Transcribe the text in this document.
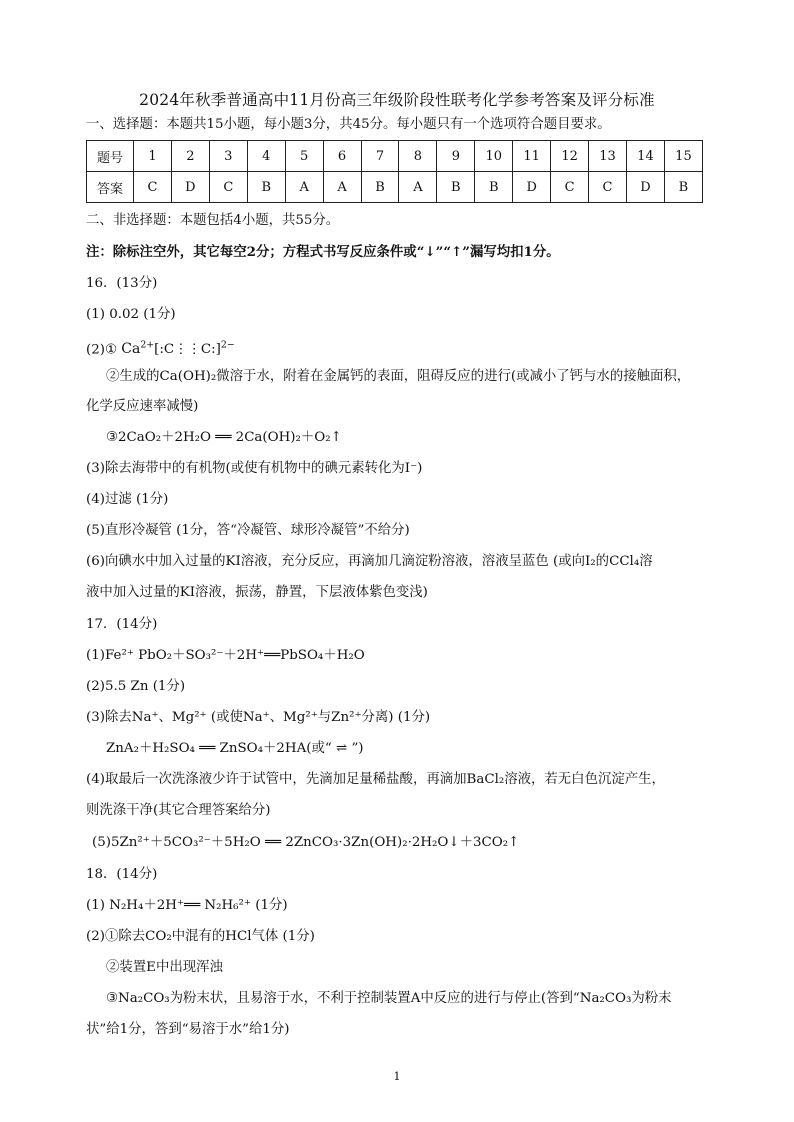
2024年秋季普通高中11月份高三年级阶段性联考化学参考答案及评分标准
一、选择题：本题共15小题，每小题3分，共45分。每小题只有一个选项符合题目要求。
题号	1	2	3	4	5	6	7	8	9	10	11	12	13	14	15
答案	C	D	C	B	A	A	B	A	B	B	D	C	C	D	B
二、非选择题：本题包括4小题，共55分。
注：除标注空外，其它每空2分；方程式书写反应条件或“↓”“↑”漏写均扣1分。
16．(13分)
(1) 0.02 (1分)
(2)① $Ca^{2+}[:C⋮⋮C:]^{2-}$
②生成的Ca(OH)₂微溶于水，附着在金属钙的表面，阻碍反应的进行(或减小了钙与水的接触面积，
化学反应速率减慢)
③2CaO₂＋2H₂O ══ 2Ca(OH)₂＋O₂↑
(3)除去海带中的有机物(或使有机物中的碘元素转化为I⁻)
(4)过滤 (1分)
(5)直形冷凝管 (1分，答“冷凝管、球形冷凝管”不给分)
(6)向碘水中加入过量的KI溶液，充分反应，再滴加几滴淀粉溶液，溶液呈蓝色 (或向I₂的CCl₄溶
液中加入过量的KI溶液，振荡，静置，下层液体紫色变浅)
17．(14分)
(1)Fe²⁺ PbO₂＋SO₃²⁻＋2H⁺══PbSO₄＋H₂O
(2)5.5 Zn (1分)
(3)除去Na⁺、Mg²⁺ (或使Na⁺、Mg²⁺与Zn²⁺分离) (1分)
ZnA₂＋H₂SO₄ ══ ZnSO₄＋2HA(或“ ⇌ ”)
(4)取最后一次洗涤液少许于试管中，先滴加足量稀盐酸，再滴加BaCl₂溶液，若无白色沉淀产生，
则洗涤干净(其它合理答案给分)
(5)5Zn²⁺＋5CO₃²⁻＋5H₂O ══ 2ZnCO₃·3Zn(OH)₂·2H₂O↓＋3CO₂↑
18．(14分)
(1) N₂H₄＋2H⁺══ N₂H₆²⁺ (1分)
(2)①除去CO₂中混有的HCl气体 (1分)
②装置E中出现浑浊
③Na₂CO₃为粉末状，且易溶于水，不利于控制装置A中反应的进行与停止(答到“Na₂CO₃为粉末
状”给1分，答到“易溶于水”给1分)
1
